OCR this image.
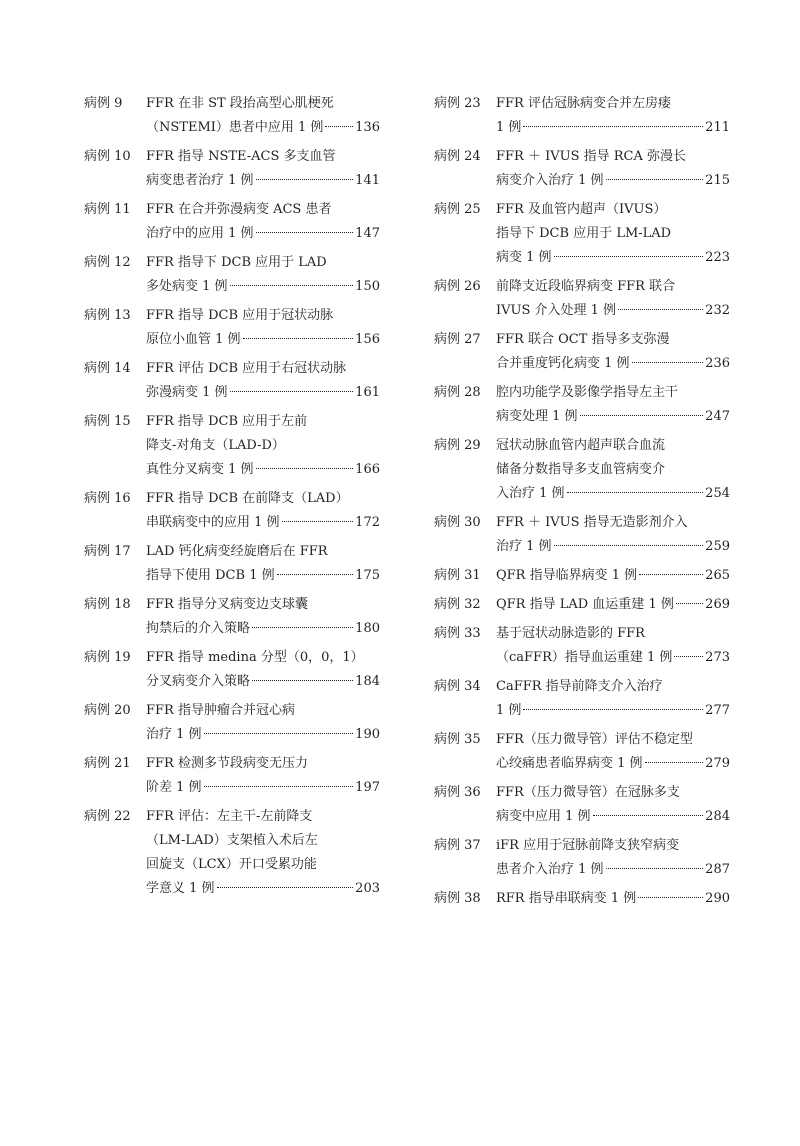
病例 9	FFR 在非 ST 段抬高型心肌梗死
（NSTEMI）患者中应用 1 例 136
病例 10	FFR 指导 NSTE-ACS 多支血管
病变患者治疗 1 例	141
病例 11	FFR 在合并弥漫病变 ACS 患者
治疗中的应用 1 例	147
病例 12	FFR 指导下 DCB 应用于 LAD
多处病变 1 例	150
病例 13	FFR 指导 DCB 应用于冠状动脉
原位小血管 1 例	156
病例 14	FFR 评估 DCB 应用于右冠状动脉
弥漫病变 1 例	161
病例 15	FFR 指导 DCB 应用于左前
降支-对角支（LAD-D）
真性分叉病变 1 例	166
病例 16	FFR 指导 DCB 在前降支（LAD）
串联病变中的应用 1 例	172
病例 17	LAD 钙化病变经旋磨后在 FFR
指导下使用 DCB 1 例	175
病例 18	FFR 指导分叉病变边支球囊
拘禁后的介入策略	180
病例 19	FFR 指导 medina 分型（0，0，1）
分叉病变介入策略	184
病例 20	FFR 指导肿瘤合并冠心病
治疗 1 例	190
病例 21	FFR 检测多节段病变无压力
阶差 1 例	197
病例 22	FFR 评估：左主干-左前降支
（LM-LAD）支架植入术后左
回旋支（LCX）开口受累功能
学意义 1 例	203
病例 23	FFR 评估冠脉病变合并左房瘘
1 例	211
病例 24	FFR ＋ IVUS 指导 RCA 弥漫长
病变介入治疗 1 例	215
病例 25	FFR 及血管内超声（IVUS）
指导下 DCB 应用于 LM-LAD
病变 1 例	223
病例 26	前降支近段临界病变 FFR 联合
IVUS 介入处理 1 例	232
病例 27	FFR 联合 OCT 指导多支弥漫
合并重度钙化病变 1 例	236
病例 28	腔内功能学及影像学指导左主干
病变处理 1 例	247
病例 29	冠状动脉血管内超声联合血流
储备分数指导多支血管病变介
入治疗 1 例	254
病例 30	FFR ＋ IVUS 指导无造影剂介入
治疗 1 例	259
病例 31	QFR 指导临界病变 1 例	265
病例 32	QFR 指导 LAD 血运重建 1 例 269
病例 33	基于冠状动脉造影的 FFR
（caFFR）指导血运重建 1 例	273
病例 34	CaFFR 指导前降支介入治疗
1 例	277
病例 35	FFR（压力微导管）评估不稳定型
心绞痛患者临界病变 1 例	279
病例 36	FFR（压力微导管）在冠脉多支
病变中应用 1 例	284
病例 37	iFR 应用于冠脉前降支狭窄病变
患者介入治疗 1 例	287
病例 38	RFR 指导串联病变 1 例	290
